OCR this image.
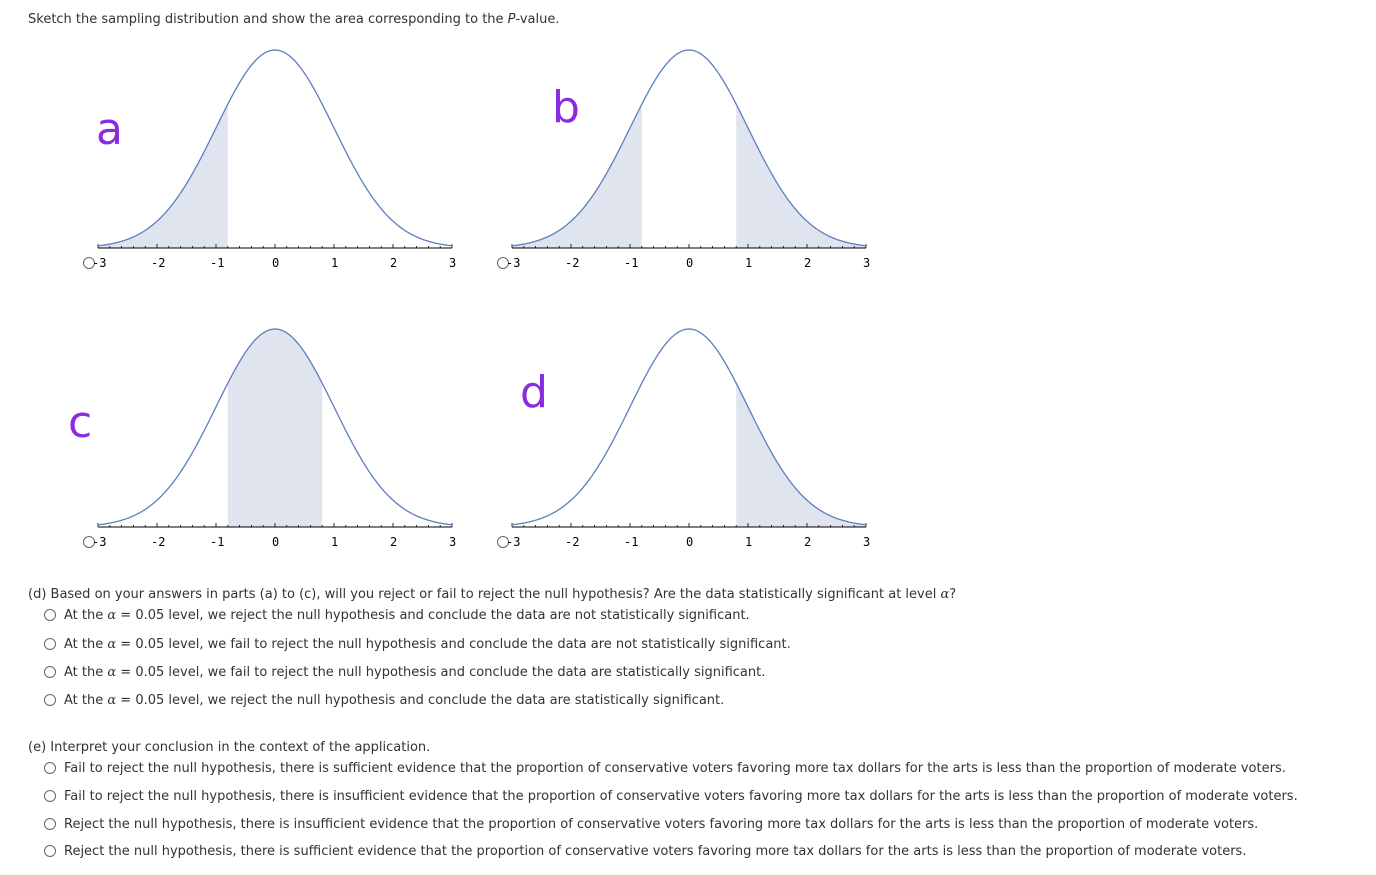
Sketch the sampling distribution and show the area corresponding to the P-value.
a
-3	-2	-1	0	1	2	3
b
-3	-2	-1	0	1	2	3
c
-3	-2	-1	0	1	2	3
d
-3	-2	-1	0	1	2	3
(d) Based on your answers in parts (a) to (c), will you reject or fail to reject the null hypothesis? Are the data statistically significant at level α?
At the α = 0.05 level, we reject the null hypothesis and conclude the data are not statistically significant.
At the α = 0.05 level, we fail to reject the null hypothesis and conclude the data are not statistically significant.
At the α = 0.05 level, we fail to reject the null hypothesis and conclude the data are statistically significant.
At the α = 0.05 level, we reject the null hypothesis and conclude the data are statistically significant.
(e) Interpret your conclusion in the context of the application.
Fail to reject the null hypothesis, there is sufficient evidence that the proportion of conservative voters favoring more tax dollars for the arts is less than the proportion of moderate voters.
Fail to reject the null hypothesis, there is insufficient evidence that the proportion of conservative voters favoring more tax dollars for the arts is less than the proportion of moderate voters.
Reject the null hypothesis, there is insufficient evidence that the proportion of conservative voters favoring more tax dollars for the arts is less than the proportion of moderate voters.
Reject the null hypothesis, there is sufficient evidence that the proportion of conservative voters favoring more tax dollars for the arts is less than the proportion of moderate voters.
